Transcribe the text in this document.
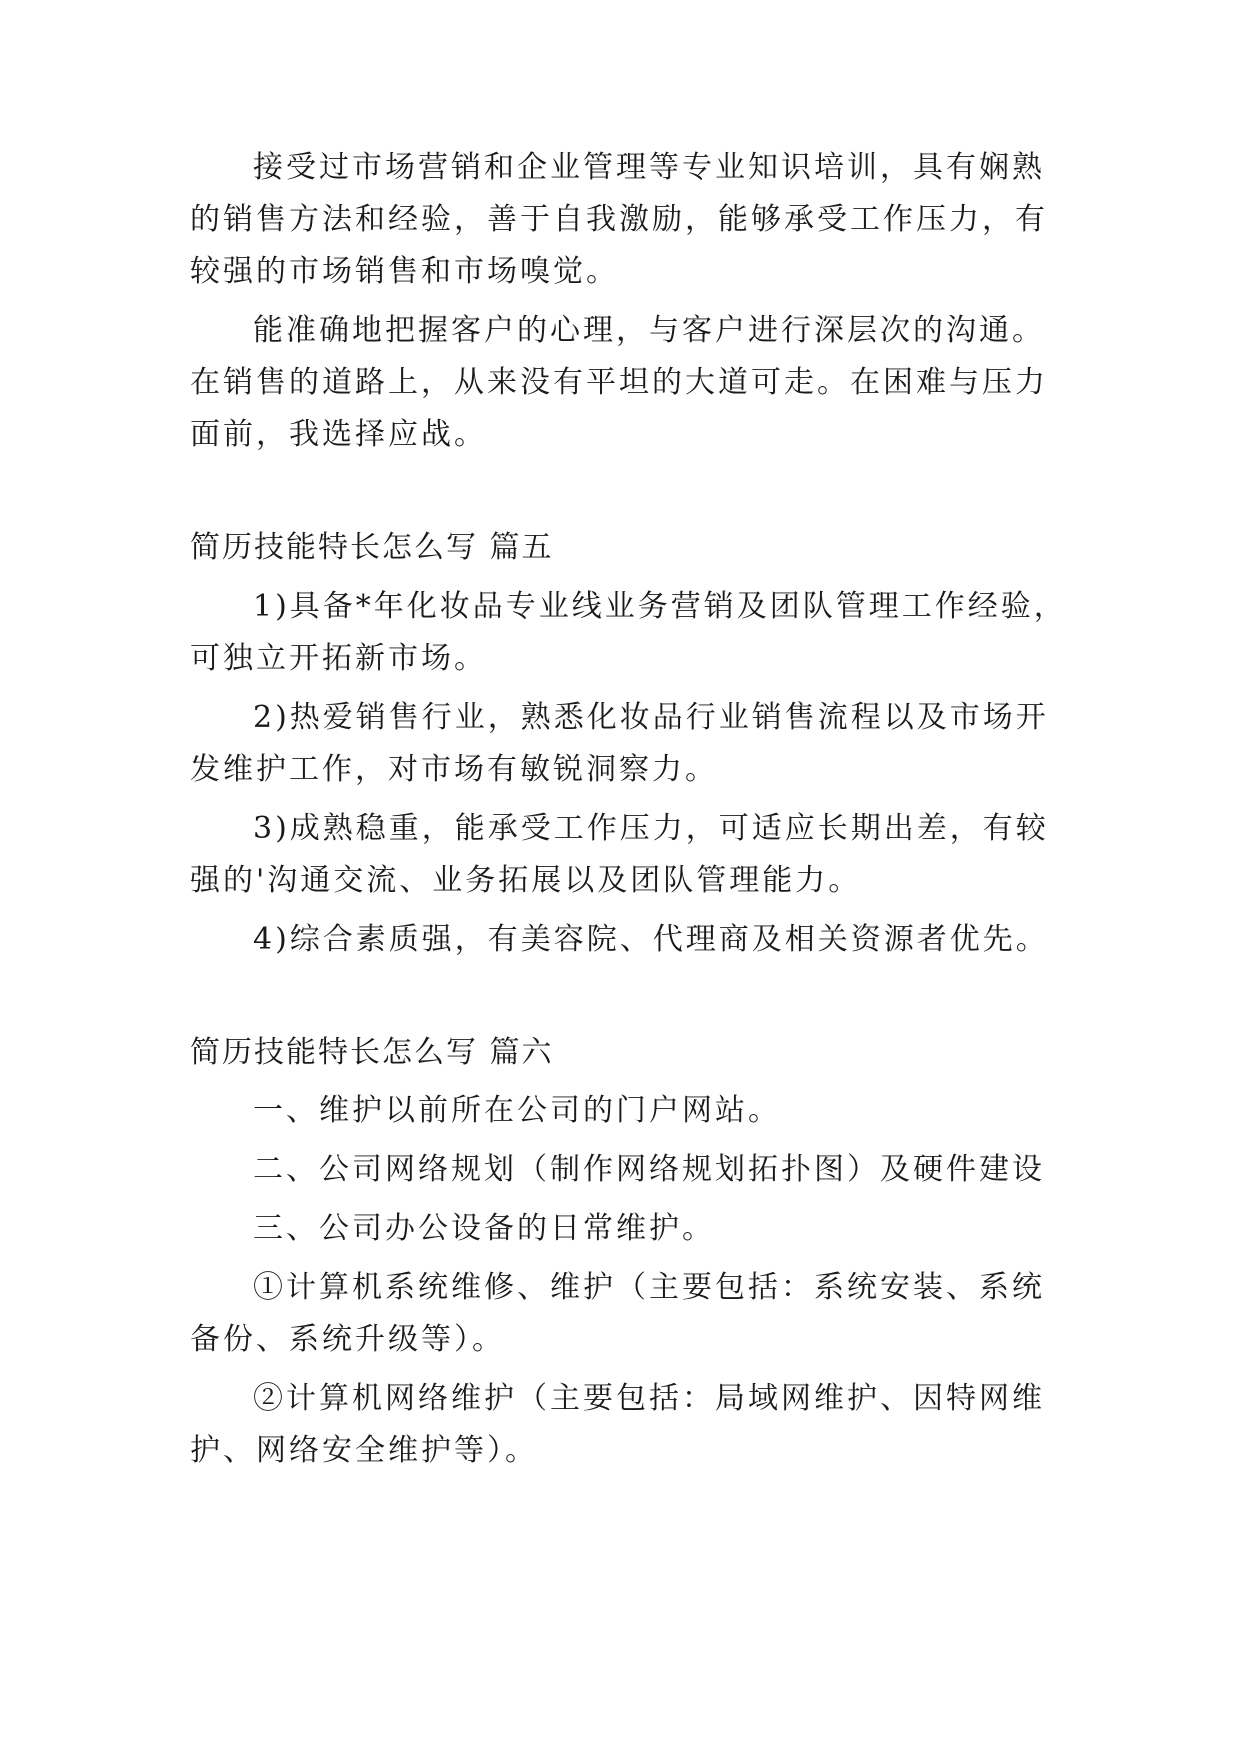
接受过市场营销和企业管理等专业知识培训，具有娴熟
的销售方法和经验，善于自我激励，能够承受工作压力，有
较强的市场销售和市场嗅觉。
能准确地把握客户的心理，与客户进行深层次的沟通。
在销售的道路上，从来没有平坦的大道可走。在困难与压力
面前，我选择应战。
简历技能特长怎么写 篇五
1)具备*年化妆品专业线业务营销及团队管理工作经验，
可独立开拓新市场。
2)热爱销售行业，熟悉化妆品行业销售流程以及市场开
发维护工作，对市场有敏锐洞察力。
3)成熟稳重，能承受工作压力，可适应长期出差，有较
强的'沟通交流、业务拓展以及团队管理能力。
4)综合素质强，有美容院、代理商及相关资源者优先。
简历技能特长怎么写 篇六
一、维护以前所在公司的门户网站。
二、公司网络规划（制作网络规划拓扑图）及硬件建设
三、公司办公设备的日常维护。
①计算机系统维修、维护（主要包括：系统安装、系统
备份、系统升级等）。
②计算机网络维护（主要包括：局域网维护、因特网维
护、网络安全维护等）。
